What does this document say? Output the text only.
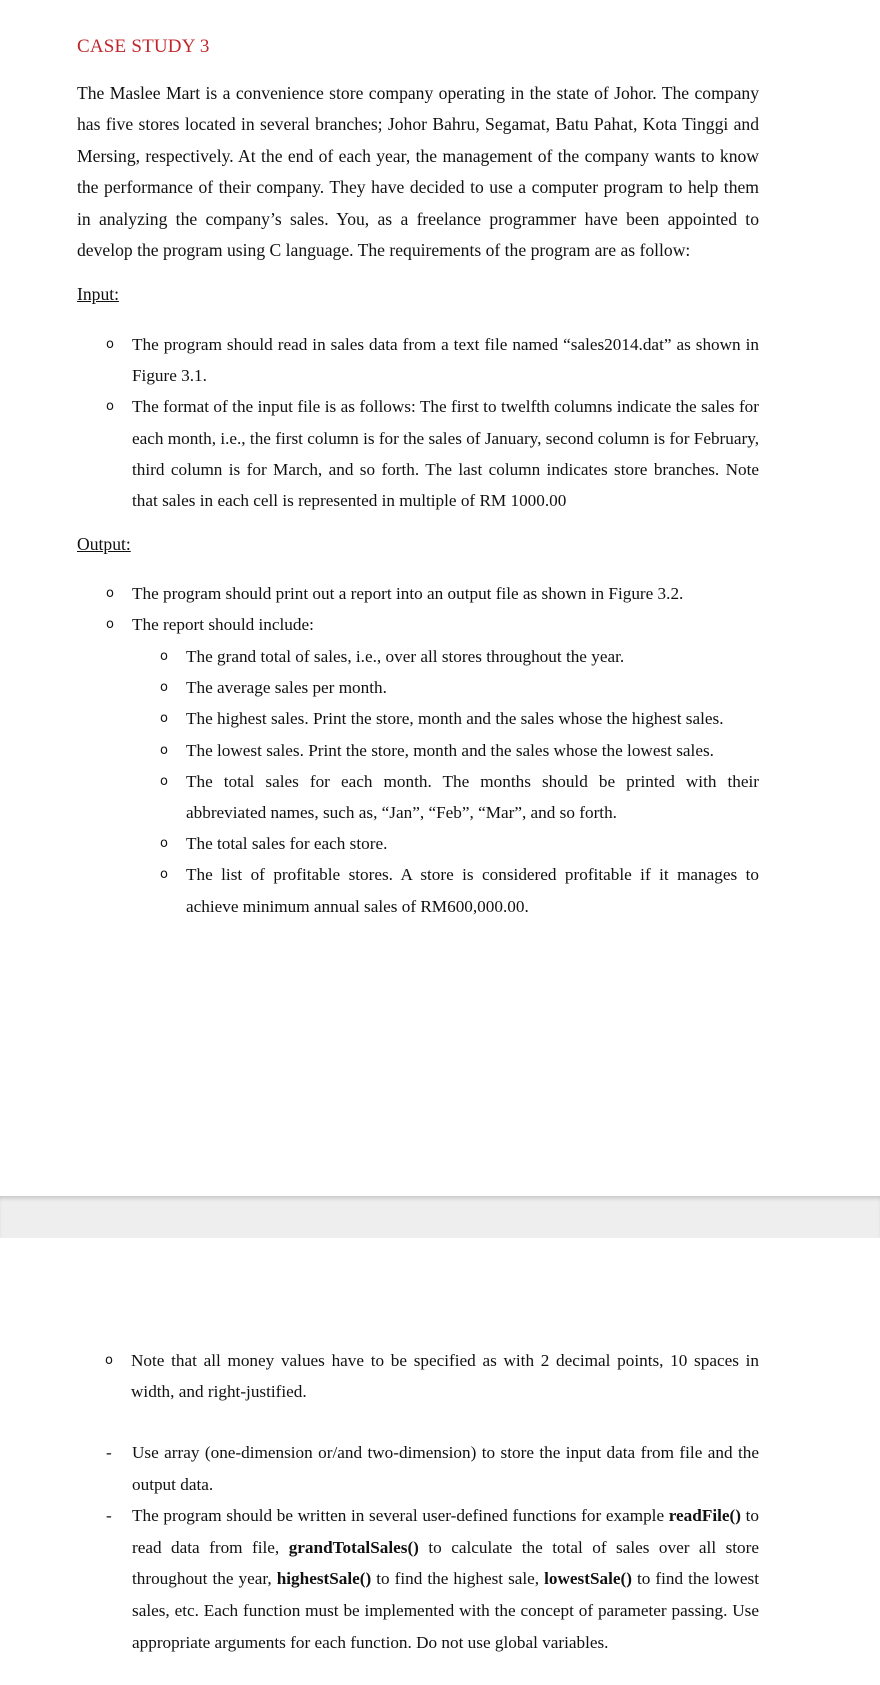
CASE STUDY 3

The Maslee Mart is a convenience store company operating in the state of Johor. The company has five stores located in several branches; Johor Bahru, Segamat, Batu Pahat, Kota Tinggi and Mersing, respectively. At the end of each year, the management of the company wants to know the performance of their company. They have decided to use a computer program to help them in analyzing the company’s sales. You, as a freelance programmer have been appointed to develop the program using C language. The requirements of the program are as follow:

Input:
o The program should read in sales data from a text file named “sales2014.dat” as shown in Figure 3.1.
o The format of the input file is as follows: The first to twelfth columns indicate the sales for each month, i.e., the first column is for the sales of January, second column is for February, third column is for March, and so forth. The last column indicates store branches. Note that sales in each cell is represented in multiple of RM 1000.00
Output:
o The program should print out a report into an output file as shown in Figure 3.2.
o The report should include:
o The grand total of sales, i.e., over all stores throughout the year.
o The average sales per month.
o The highest sales. Print the store, month and the sales whose the highest sales.
o The lowest sales. Print the store, month and the sales whose the lowest sales.
o The total sales for each month. The months should be printed with their abbreviated names, such as, “Jan”, “Feb”, “Mar”, and so forth.
o The total sales for each store.
o The list of profitable stores. A store is considered profitable if it manages to achieve minimum annual sales of RM600,000.00.
o Note that all money values have to be specified as with 2 decimal points, 10 spaces in width, and right-justified.
- Use array (one-dimension or/and two-dimension) to store the input data from file and the output data.
- The program should be written in several user-defined functions for example readFile() to read data from file, grandTotalSales() to calculate the total of sales over all store throughout the year, highestSale() to find the highest sale, lowestSale() to find the lowest sales, etc. Each function must be implemented with the concept of parameter passing. Use appropriate arguments for each function. Do not use global variables.
